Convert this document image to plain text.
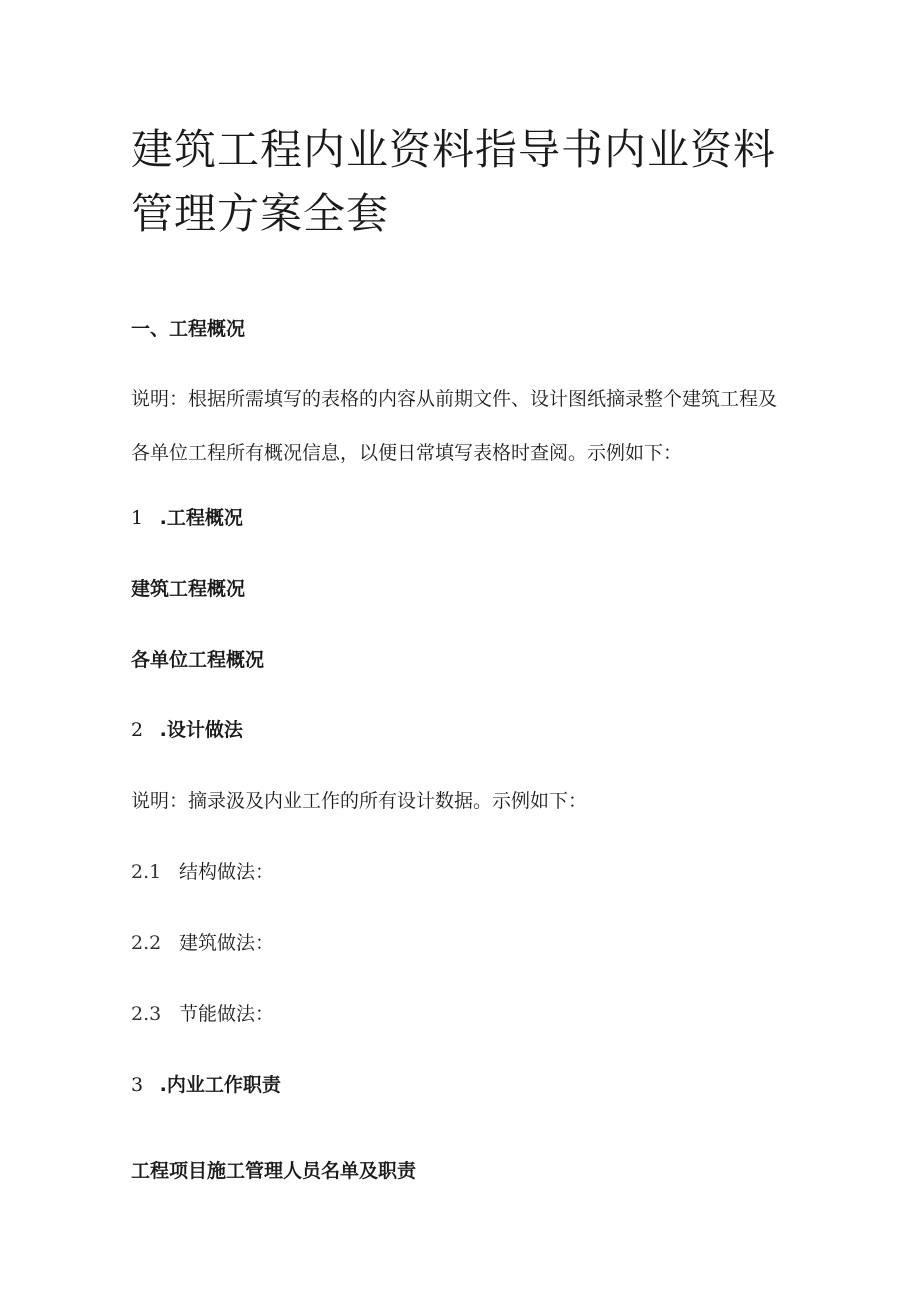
建筑工程内业资料指导书内业资料管理方案全套

一、工程概况

说明：根据所需填写的表格的内容从前期文件、设计图纸摘录整个建筑工程及各单位工程所有概况信息，以便日常填写表格时查阅。示例如下：

1 .工程概况

建筑工程概况

各单位工程概况

2 .设计做法

说明：摘录汲及内业工作的所有设计数据。示例如下：

2.1 结构做法：

2.2 建筑做法：

2.3 节能做法：

3 .内业工作职责

工程项目施工管理人员名单及职责
